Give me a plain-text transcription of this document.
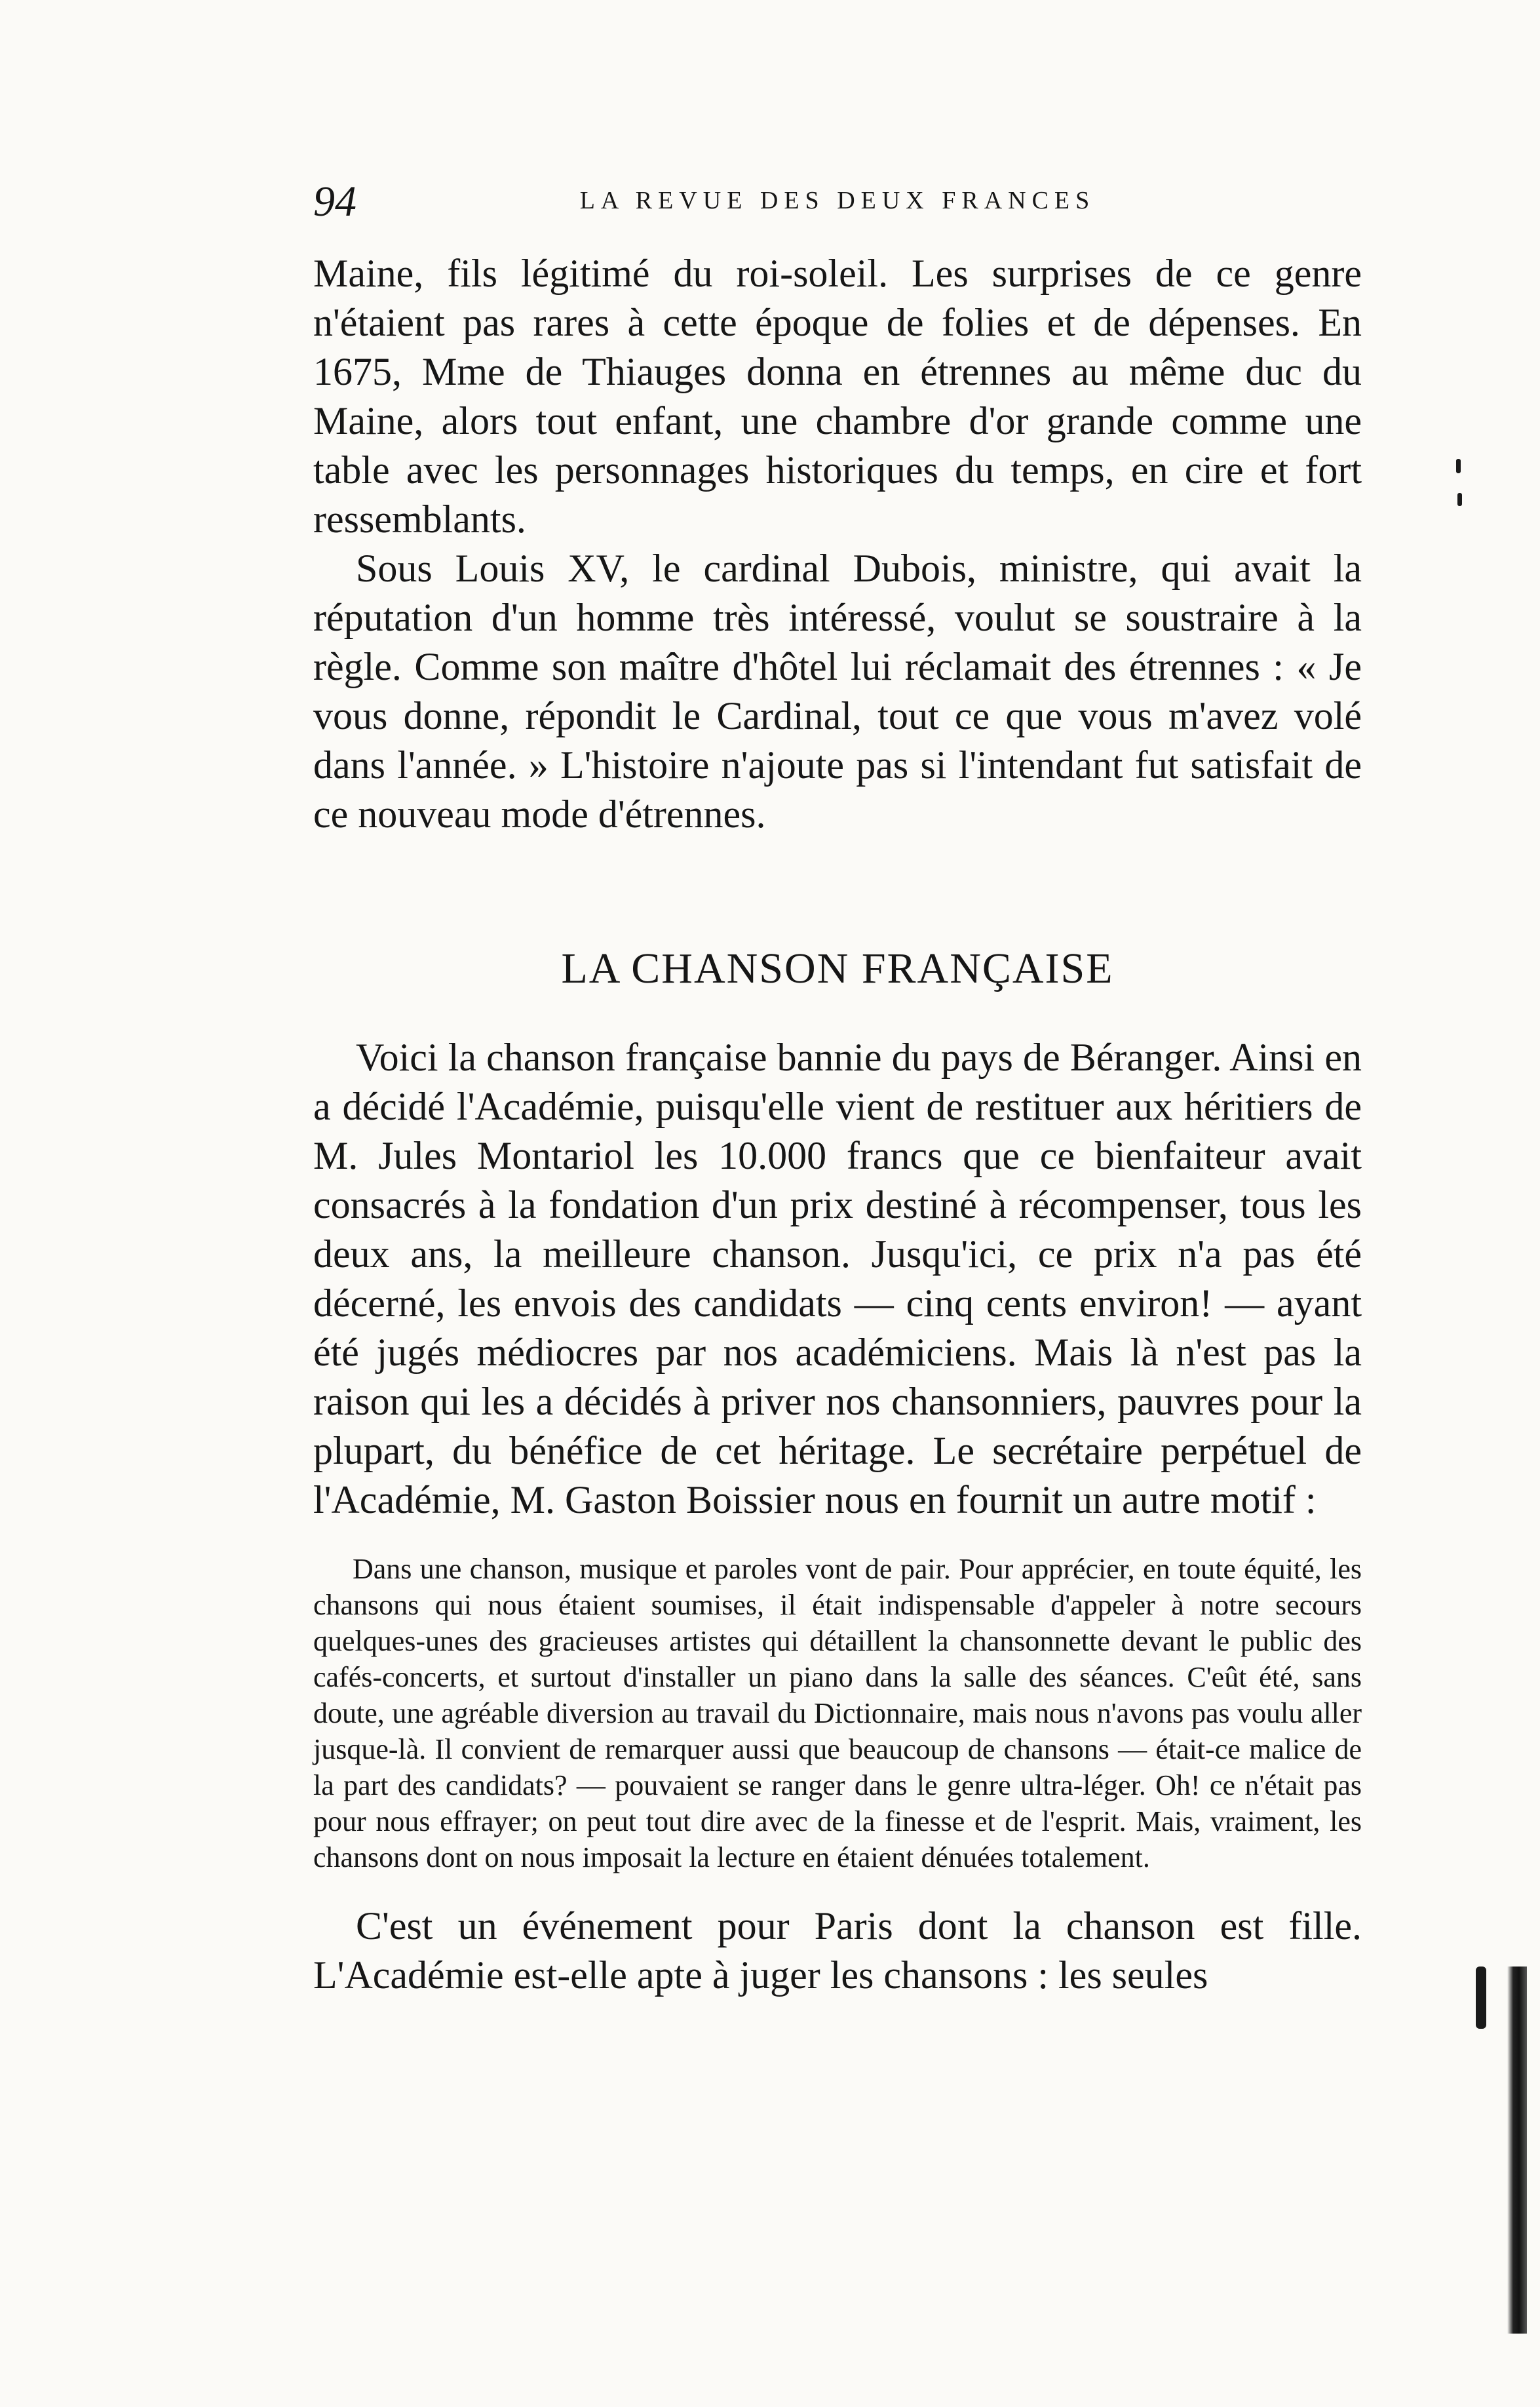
94	LA REVUE DES DEUX FRANCES

Maine, fils légitimé du roi-soleil. Les surprises de ce genre n'étaient pas rares à cette époque de folies et de dépenses. En 1675, Mme de Thiauges donna en étrennes au même duc du Maine, alors tout enfant, une chambre d'or grande comme une table avec les personnages historiques du temps, en cire et fort ressemblants.

Sous Louis XV, le cardinal Dubois, ministre, qui avait la réputation d'un homme très intéressé, voulut se soustraire à la règle. Comme son maître d'hôtel lui réclamait des étrennes : « Je vous donne, répondit le Cardinal, tout ce que vous m'avez volé dans l'année. » L'histoire n'ajoute pas si l'intendant fut satisfait de ce nouveau mode d'étrennes.

LA CHANSON FRANÇAISE

Voici la chanson française bannie du pays de Béranger. Ainsi en a décidé l'Académie, puisqu'elle vient de restituer aux héritiers de M. Jules Montariol les 10.000 francs que ce bienfaiteur avait consacrés à la fondation d'un prix destiné à récompenser, tous les deux ans, la meilleure chanson. Jusqu'ici, ce prix n'a pas été décerné, les envois des candidats — cinq cents environ! — ayant été jugés médiocres par nos académiciens. Mais là n'est pas la raison qui les a décidés à priver nos chansonniers, pauvres pour la plupart, du bénéfice de cet héritage. Le secrétaire perpétuel de l'Académie, M. Gaston Boissier nous en fournit un autre motif :

Dans une chanson, musique et paroles vont de pair. Pour apprécier, en toute équité, les chansons qui nous étaient soumises, il était indispensable d'appeler à notre secours quelques-unes des gracieuses artistes qui détaillent la chansonnette devant le public des cafés-concerts, et surtout d'installer un piano dans la salle des séances. C'eût été, sans doute, une agréable diversion au travail du Dictionnaire, mais nous n'avons pas voulu aller jusque-là. Il convient de remarquer aussi que beaucoup de chansons — était-ce malice de la part des candidats? — pouvaient se ranger dans le genre ultra-léger. Oh! ce n'était pas pour nous effrayer; on peut tout dire avec de la finesse et de l'esprit. Mais, vraiment, les chansons dont on nous imposait la lecture en étaient dénuées totalement.

C'est un événement pour Paris dont la chanson est fille. L'Académie est-elle apte à juger les chansons : les seules
